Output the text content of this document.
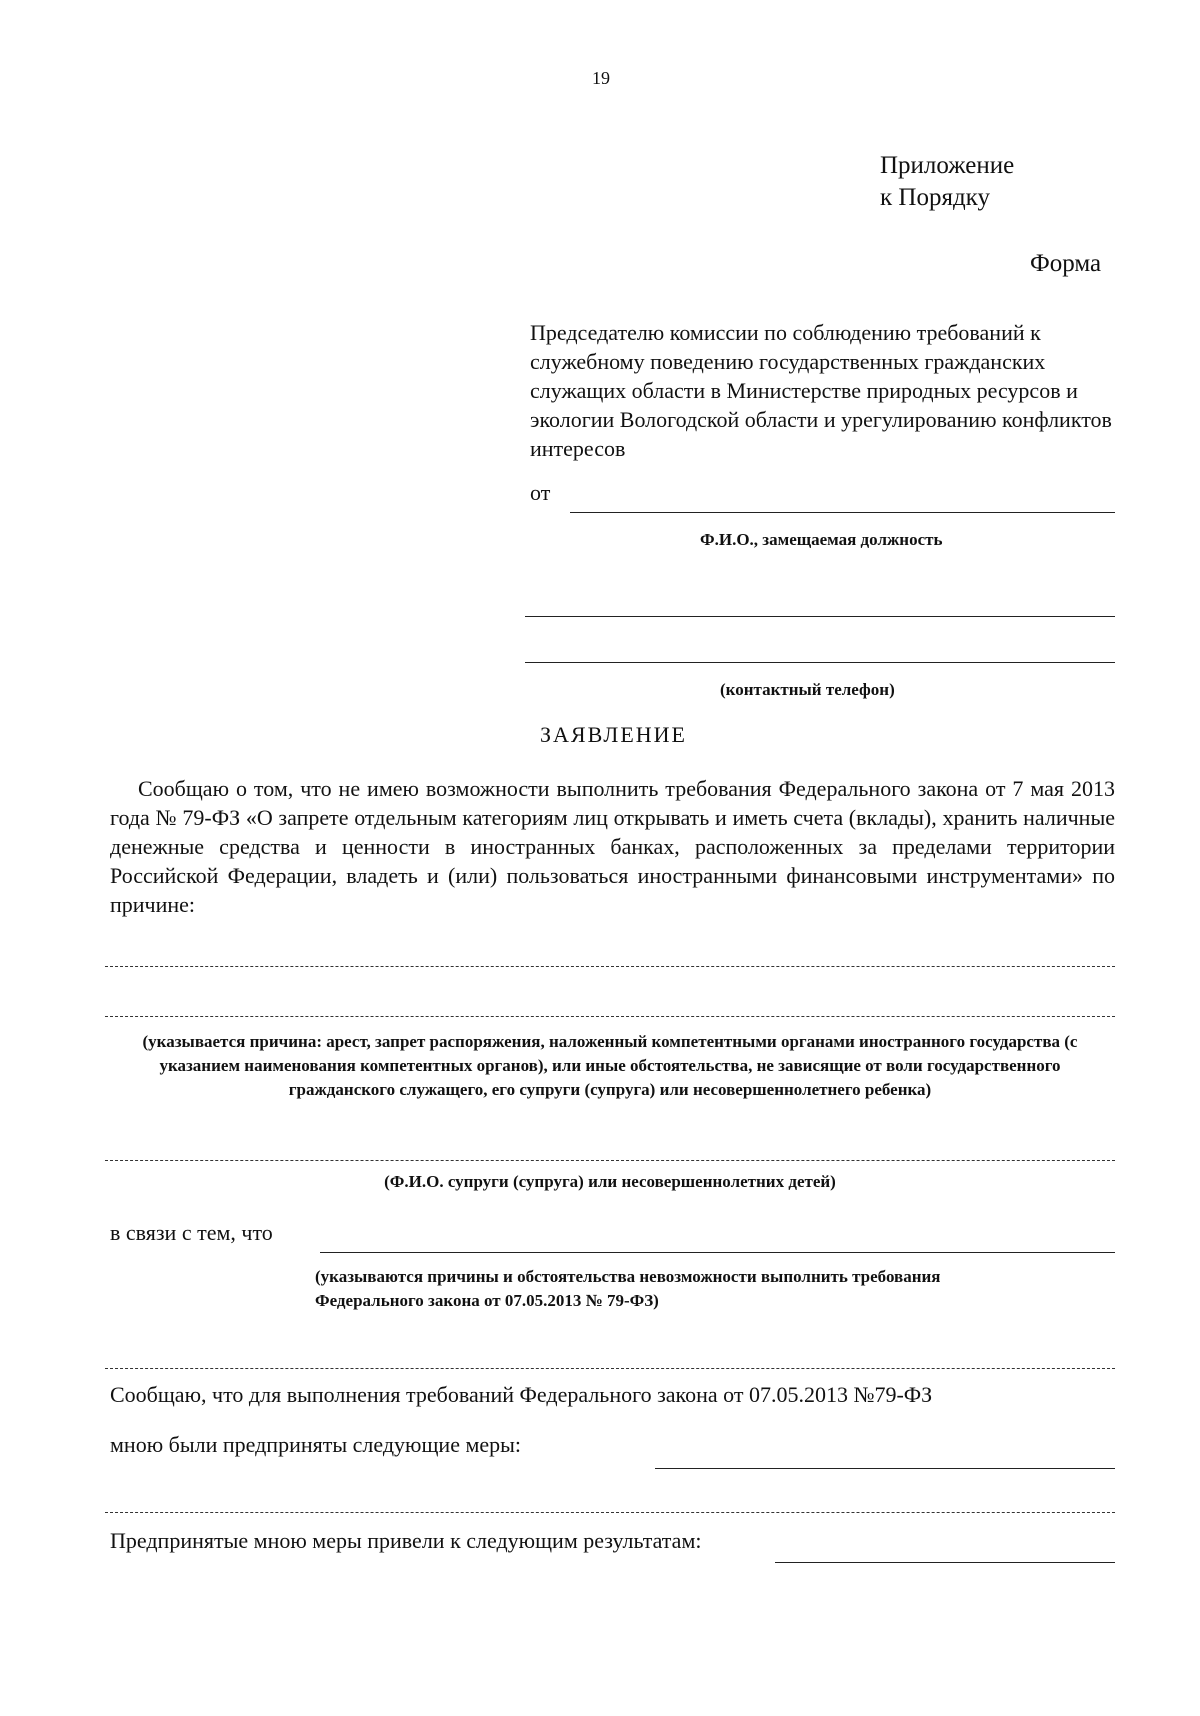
19
Приложение
к Порядку
Форма
Председателю комиссии по соблюдению требований к служебному поведению государственных гражданских служащих области в Министерстве природных ресурсов и экологии Вологодской области и урегулированию конфликтов интересов
от
Ф.И.О., замещаемая должность
(контактный телефон)
ЗАЯВЛЕНИЕ
Сообщаю о том, что не имею возможности выполнить требования Федерального закона от 7 мая 2013 года № 79-ФЗ «О запрете отдельным категориям лиц открывать и иметь счета (вклады), хранить наличные денежные средства и ценности в иностранных банках, расположенных за пределами территории Российской Федерации, владеть и (или) пользоваться иностранными финансовыми инструментами» по причине:
(указывается причина: арест, запрет распоряжения, наложенный компетентными органами иностранного государства (с указанием наименования компетентных органов), или иные обстоятельства, не зависящие от воли государственного гражданского служащего, его супруги (супруга) или несовершеннолетнего ребенка)
(Ф.И.О. супруги (супруга) или несовершеннолетних детей)
в связи с тем, что
(указываются причины и обстоятельства невозможности выполнить требования Федерального закона от 07.05.2013 № 79-ФЗ)
Сообщаю, что для выполнения требований Федерального закона от 07.05.2013 №79-ФЗ
мною были предприняты следующие меры:
Предпринятые мною меры привели к следующим результатам:
